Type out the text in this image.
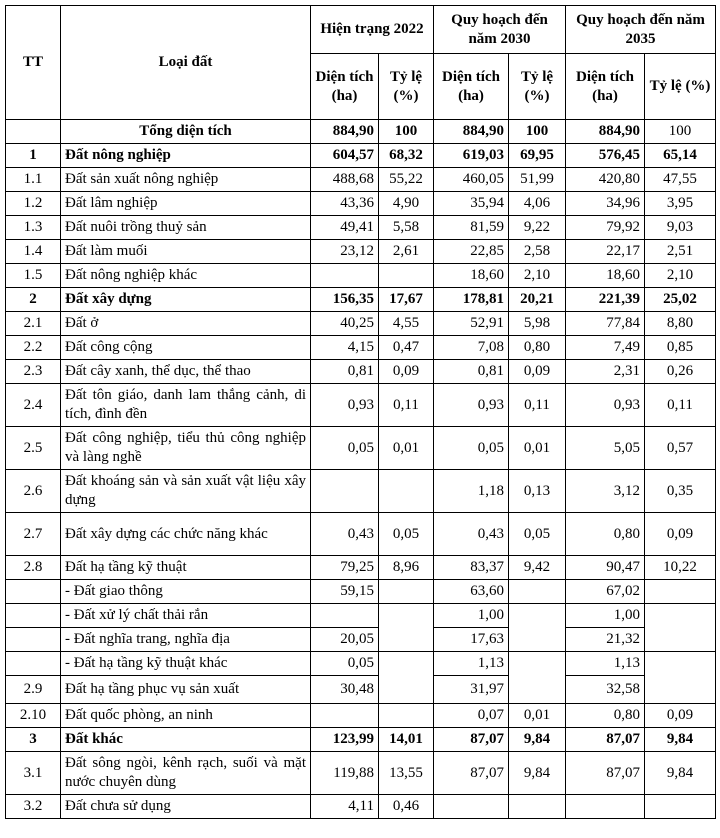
TT	Loại đất	Hiện trạng 2022		Quy hoạch đến năm 2030		Quy hoạch đến năm 2035	
		Diện tích (ha)	Tỷ lệ (%)	Diện tích (ha)	Tỷ lệ (%)	Diện tích (ha)	Tỷ lệ (%)
	Tổng diện tích	884,90	100	884,90	100	884,90	100
1	Đất nông nghiệp	604,57	68,32	619,03	69,95	576,45	65,14
1.1	Đất sản xuất nông nghiệp	488,68	55,22	460,05	51,99	420,80	47,55
1.2	Đất lâm nghiệp	43,36	4,90	35,94	4,06	34,96	3,95
1.3	Đất nuôi trồng thuỷ sản	49,41	5,58	81,59	9,22	79,92	9,03
1.4	Đất làm muối	23,12	2,61	22,85	2,58	22,17	2,51
1.5	Đất nông nghiệp khác			18,60	2,10	18,60	2,10
2	Đất xây dựng	156,35	17,67	178,81	20,21	221,39	25,02
2.1	Đất ở	40,25	4,55	52,91	5,98	77,84	8,80
2.2	Đất công cộng	4,15	0,47	7,08	0,80	7,49	0,85
2.3	Đất cây xanh, thể dục, thể thao	0,81	0,09	0,81	0,09	2,31	0,26
2.4	Đất tôn giáo, danh lam thắng cảnh, di tích, đình đền	0,93	0,11	0,93	0,11	0,93	0,11
2.5	Đất công nghiệp, tiểu thủ công nghiệp và làng nghề	0,05	0,01	0,05	0,01	5,05	0,57
2.6	Đất khoáng sản và sản xuất vật liệu xây dựng			1,18	0,13	3,12	0,35
2.7	Đất xây dựng các chức năng khác	0,43	0,05	0,43	0,05	0,80	0,09
2.8	Đất hạ tầng kỹ thuật	79,25	8,96	83,37	9,42	90,47	10,22
	- Đất giao thông	59,15		63,60		67,02	
	- Đất xử lý chất thải rắn			1,00		1,00	
	- Đất nghĩa trang, nghĩa địa	20,05		17,63		21,32	
	- Đất hạ tầng kỹ thuật khác	0,05		1,13		1,13	
2.9	Đất hạ tầng phục vụ sản xuất	30,48		31,97		32,58	
2.10	Đất quốc phòng, an ninh			0,07	0,01	0,80	0,09
3	Đất khác	123,99	14,01	87,07	9,84	87,07	9,84
3.1	Đất sông ngòi, kênh rạch, suối và mặt nước chuyên dùng	119,88	13,55	87,07	9,84	87,07	9,84
3.2	Đất chưa sử dụng	4,11	0,46				
